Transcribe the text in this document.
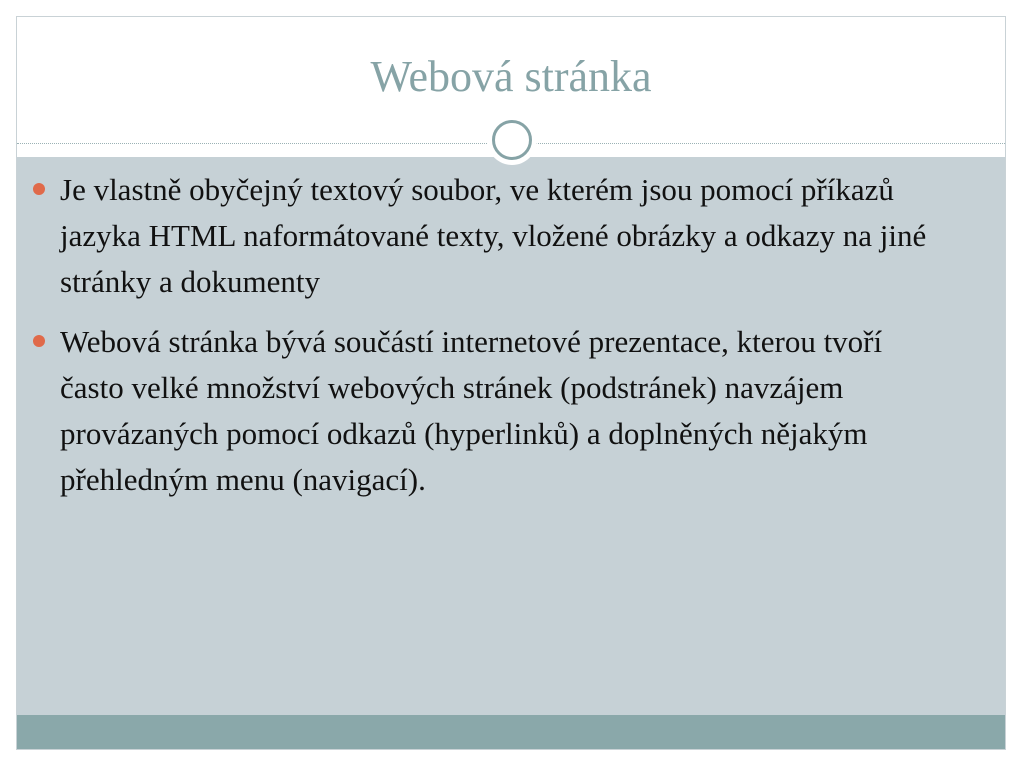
Webová stránka
Je vlastně obyčejný textový soubor, ve kterém jsou pomocí příkazů jazyka HTML naformátované texty, vložené obrázky a odkazy na jiné stránky a dokumenty
Webová stránka bývá součástí internetové prezentace, kterou tvoří často velké množství webových stránek (podstránek) navzájem provázaných pomocí odkazů (hyperlinků) a doplněných nějakým přehledným menu (navigací).
